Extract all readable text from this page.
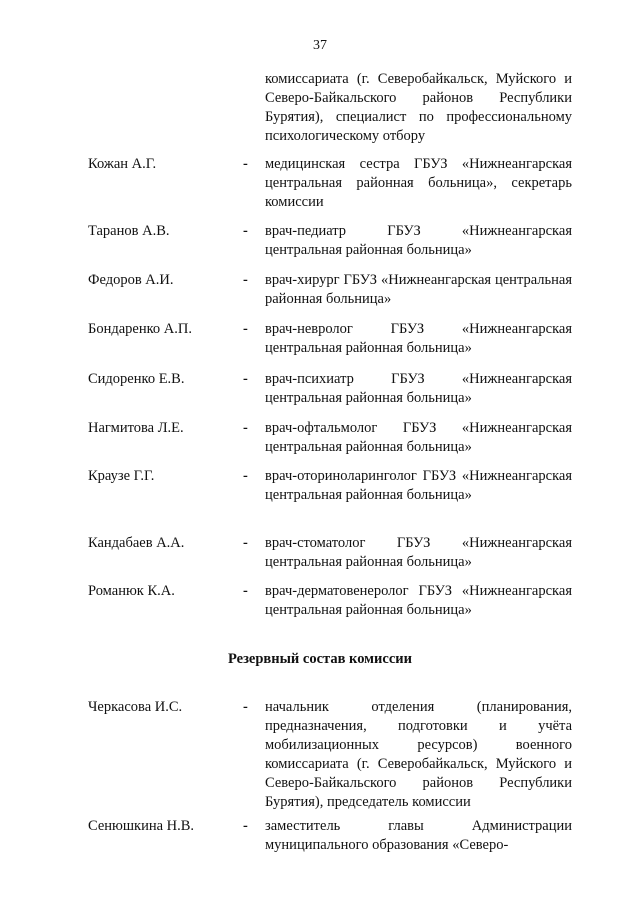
37
комиссариата (г. Северобайкальск, Муйского и Северо-Байкальского районов Республики Бурятия), специалист по профессиональному психологическому отбору
Кожан А.Г.	- медицинская сестра ГБУЗ «Нижнеангарская центральная районная больница», секретарь комиссии
Таранов А.В.	- врач-педиатр ГБУЗ «Нижнеангарская центральная районная больница»
Федоров А.И.	- врач-хирург ГБУЗ «Нижнеангарская центральная районная больница»
Бондаренко А.П.	- врач-невролог ГБУЗ «Нижнеангарская центральная районная больница»
Сидоренко Е.В.	- врач-психиатр ГБУЗ «Нижнеангарская центральная районная больница»
Нагмитова Л.Е.	- врач-офтальмолог ГБУЗ «Нижнеангарская центральная районная больница»
Краузе Г.Г.	- врач-оториноларинголог ГБУЗ «Нижнеангарская центральная районная больница»
Кандабаев А.А.	- врач-стоматолог ГБУЗ «Нижнеангарская центральная районная больница»
Романюк К.А.	- врач-дерматовенеролог ГБУЗ «Нижнеангарская центральная районная больница»
Резервный состав комиссии
Черкасова И.С.	- начальник отделения (планирования, предназначения, подготовки и учёта мобилизационных ресурсов) военного комиссариата (г. Северобайкальск, Муйского и Северо-Байкальского районов Республики Бурятия), председатель комиссии
Сенюшкина Н.В.	- заместитель главы Администрации муниципального образования «Северо-
